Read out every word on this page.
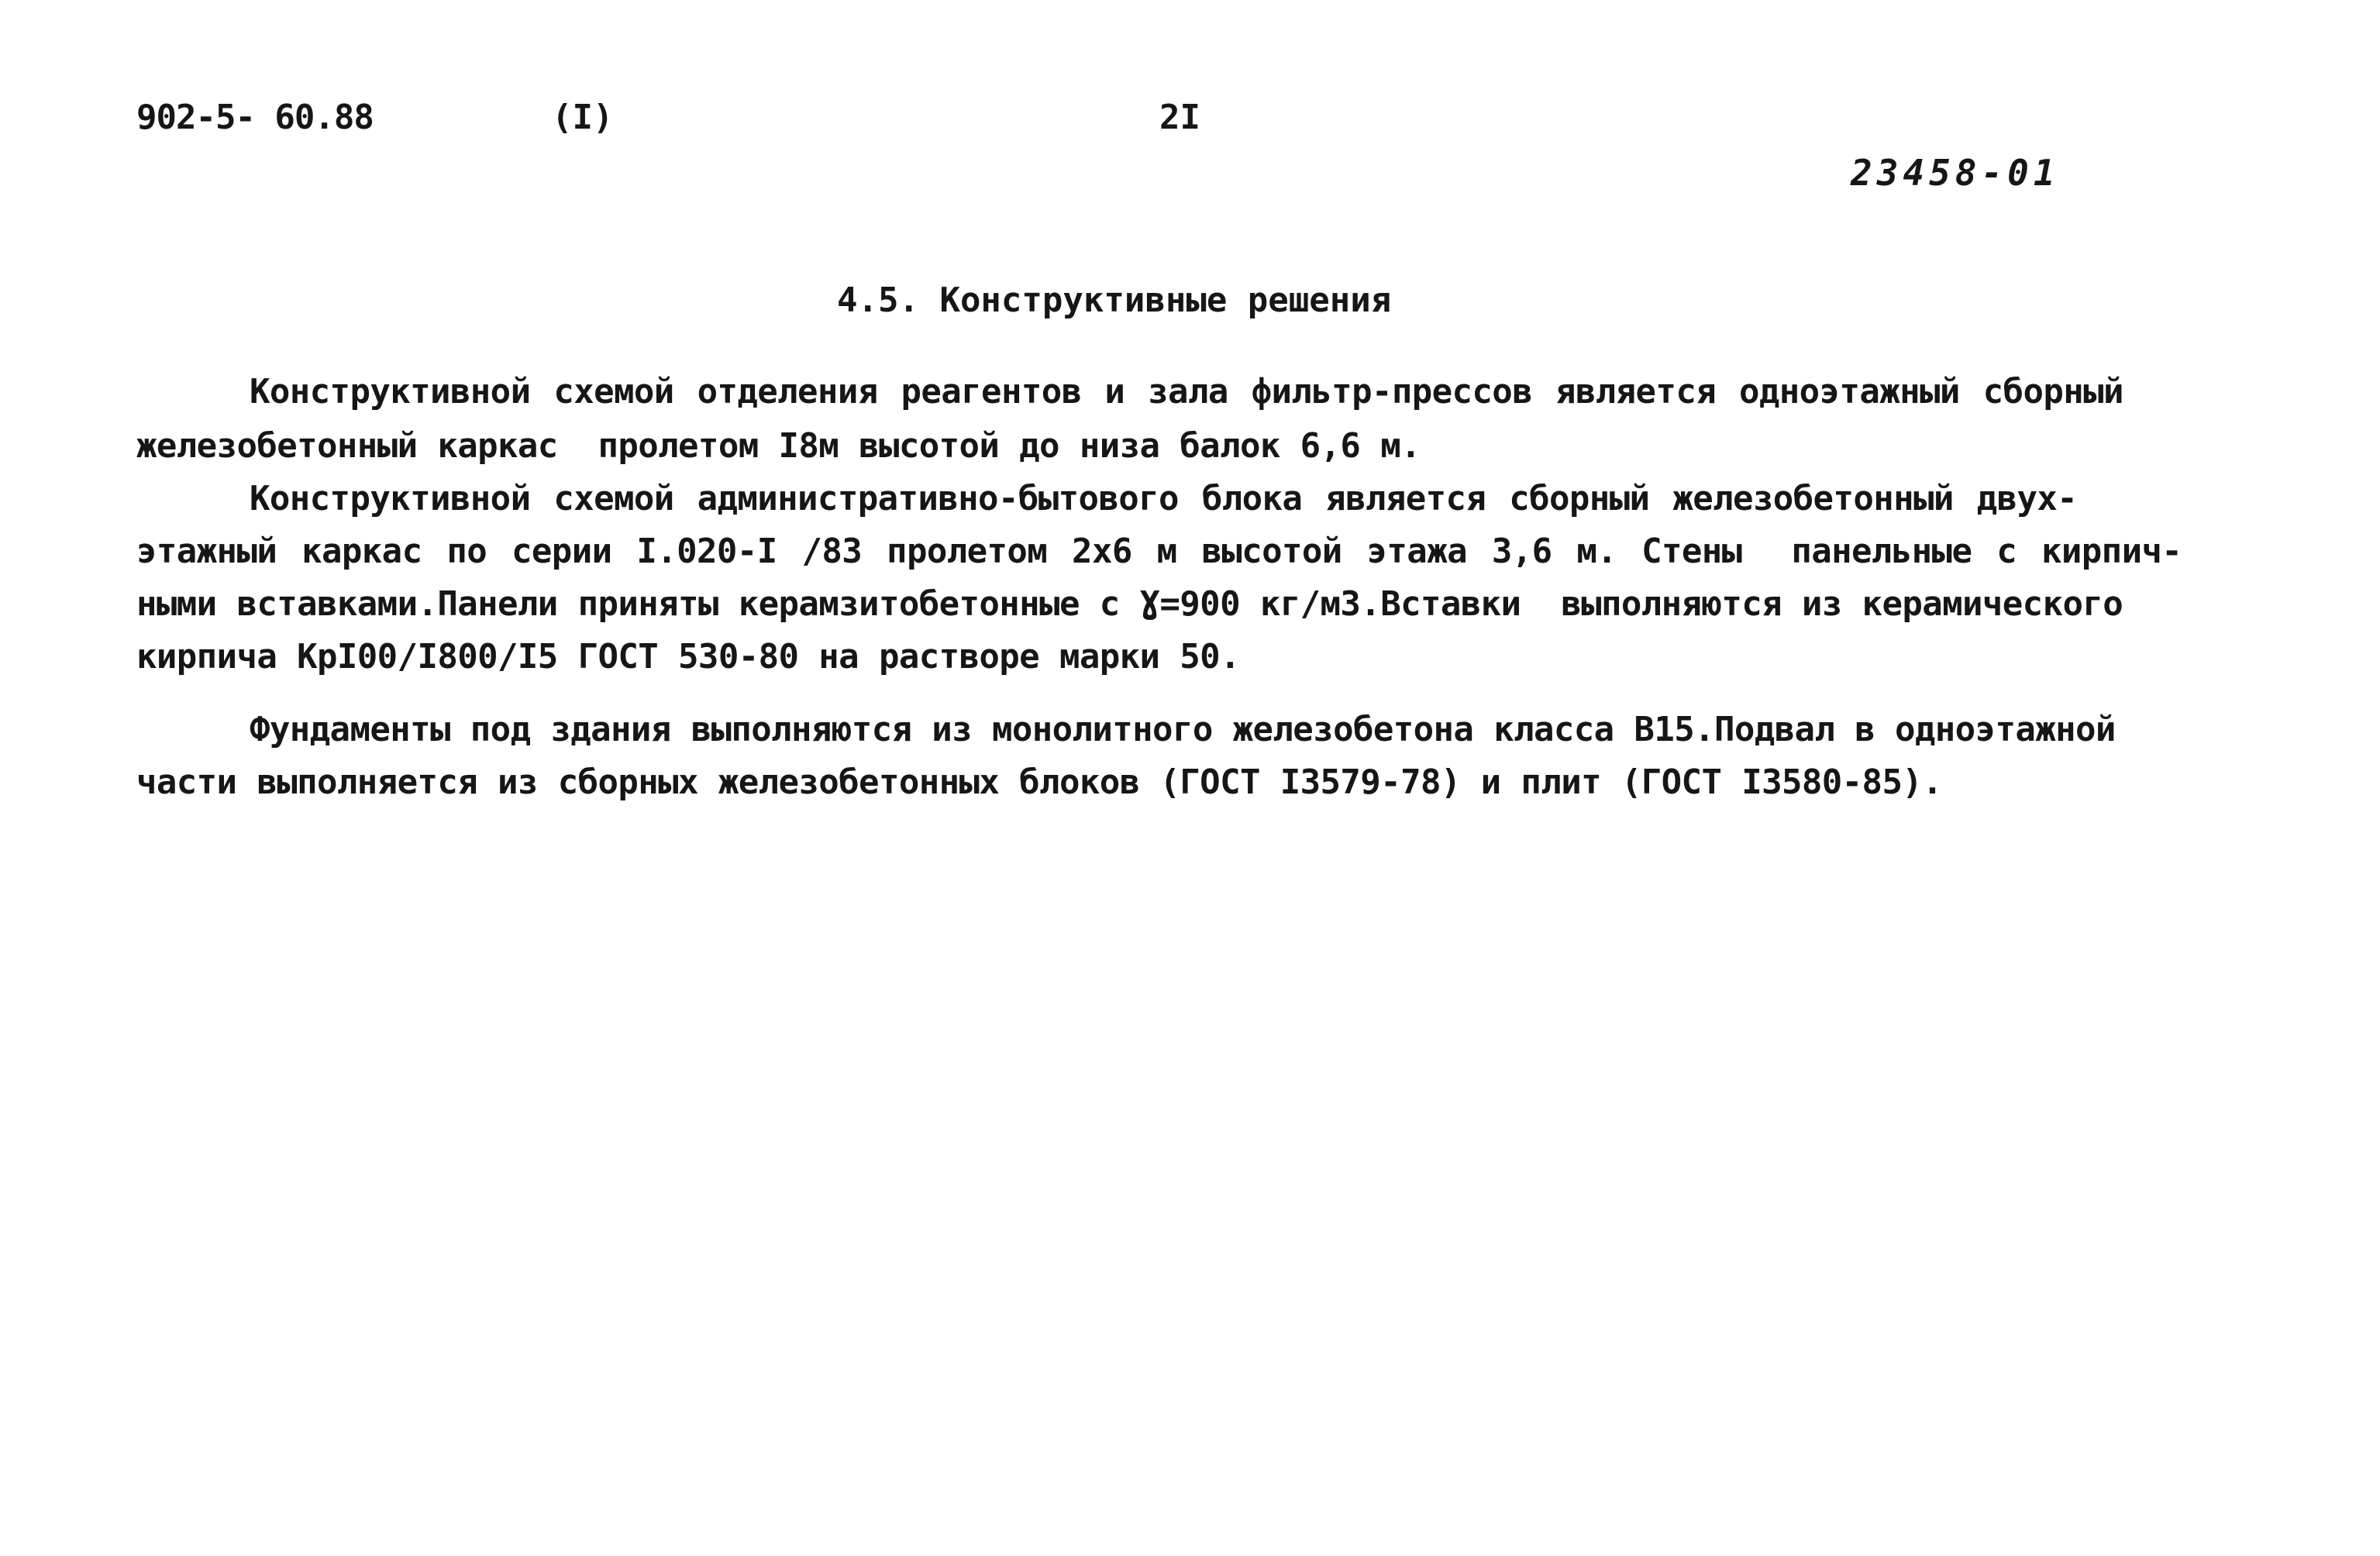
902-5- 60.88	(I)	2I
23458-01
4.5. Конструктивные решения
Конструктивной схемой отделения реагентов и зала фильтр-прессов является одноэтажный сборный
железобетонный каркас  пролетом I8м высотой до низа балок 6,6 м.
Конструктивной схемой административно-бытового блока является сборный железобетонный двух-
этажный каркас по серии I.020-I /83 пролетом 2х6 м высотой этажа 3,6 м. Стены  панельные с кирпич-
ными вставками.Панели приняты керамзитобетонные с Ɣ=900 кг/м3.Вставки  выполняются из керамического
кирпича КрI00/I800/I5 ГОСТ 530-80 на растворе марки 50.
Фундаменты под здания выполняются из монолитного железобетона класса В15.Подвал в одноэтажной
части выполняется из сборных железобетонных блоков (ГОСТ I3579-78) и плит (ГОСТ I3580-85).
